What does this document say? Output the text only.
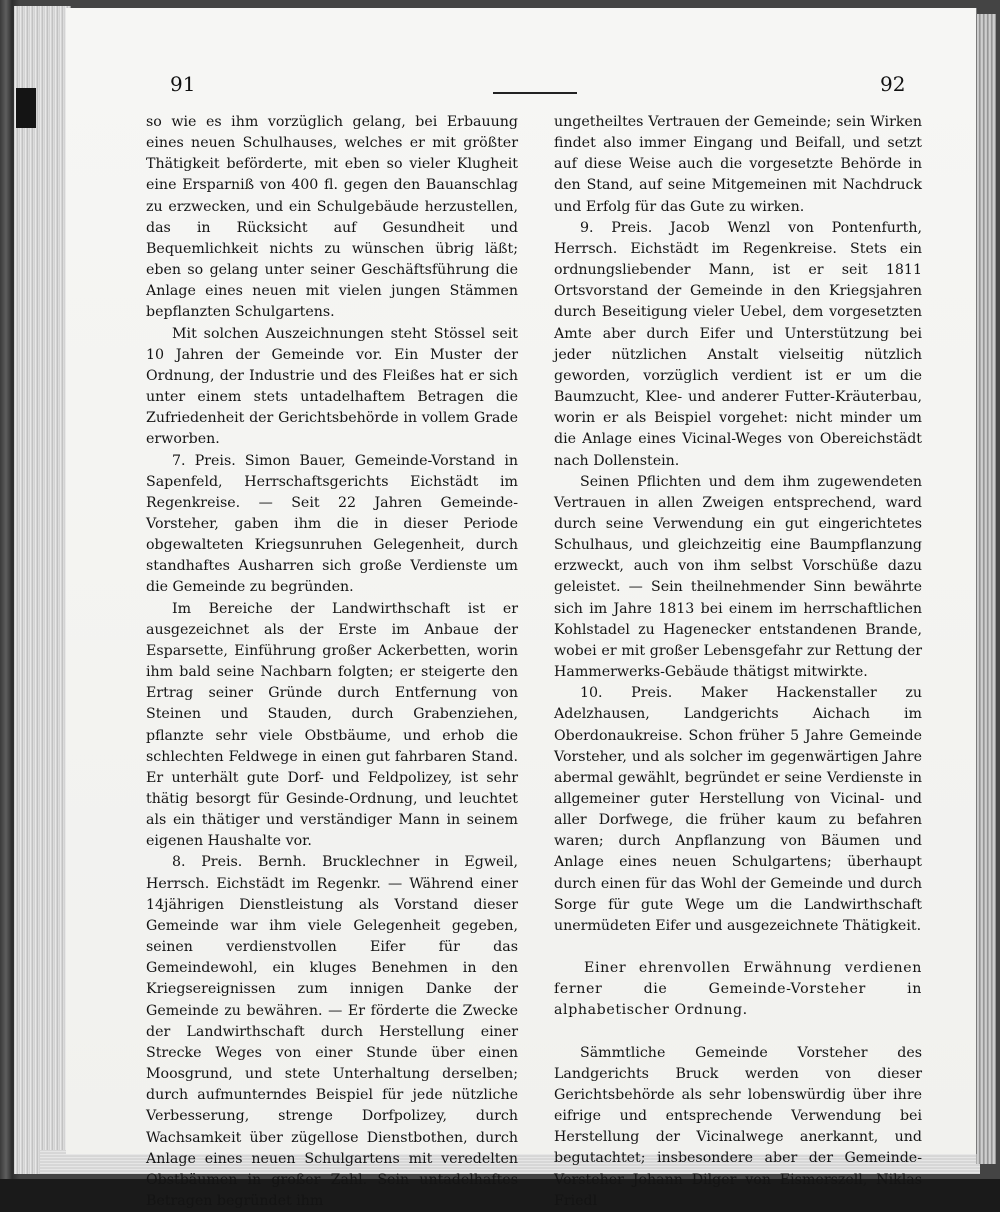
91	92

so wie es ihm vorzüglich gelang, bei Erbauung eines neuen Schulhauses, welches er mit größter Thätigkeit beförderte, mit eben so vieler Klugheit eine Ersparniß von 400 fl. gegen den Bauanschlag zu erzwecken, und ein Schulgebäude herzustellen, das in Rücksicht auf Gesundheit und Bequemlichkeit nichts zu wünschen übrig läßt; eben so gelang unter seiner Geschäftsführung die Anlage eines neuen mit vielen jungen Stämmen bepflanzten Schulgartens.

Mit solchen Auszeichnungen steht Stössel seit 10 Jahren der Gemeinde vor. Ein Muster der Ordnung, der Industrie und des Fleißes hat er sich unter einem stets untadelhaftem Betragen die Zufriedenheit der Gerichtsbehörde in vollem Grade erworben.

7. Preis. Simon Bauer, Gemeinde-Vorstand in Sapenfeld, Herrschaftsgerichts Eichstädt im Regenkreise. — Seit 22 Jahren Gemeinde-Vorsteher, gaben ihm die in dieser Periode obgewalteten Kriegsunruhen Gelegenheit, durch standhaftes Ausharren sich große Verdienste um die Gemeinde zu begründen.

Im Bereiche der Landwirthschaft ist er ausgezeichnet als der Erste im Anbaue der Esparsette, Einführung großer Ackerbetten, worin ihm bald seine Nachbarn folgten; er steigerte den Ertrag seiner Gründe durch Entfernung von Steinen und Stauden, durch Grabenziehen, pflanzte sehr viele Obstbäume, und erhob die schlechten Feldwege in einen gut fahrbaren Stand. Er unterhält gute Dorf- und Feldpolizey, ist sehr thätig besorgt für Gesinde-Ordnung, und leuchtet als ein thätiger und verständiger Mann in seinem eigenen Haushalte vor.

8. Preis. Bernh. Brucklechner in Egweil, Herrsch. Eichstädt im Regenkr. — Während einer 14jährigen Dienstleistung als Vorstand dieser Gemeinde war ihm viele Gelegenheit gegeben, seinen verdienstvollen Eifer für das Gemeindewohl, ein kluges Benehmen in den Kriegsereignissen zum innigen Danke der Gemeinde zu bewähren. — Er förderte die Zwecke der Landwirthschaft durch Herstellung einer Strecke Weges von einer Stunde über einen Moosgrund, und stete Unterhaltung derselben; durch aufmunterndes Beispiel für jede nützliche Verbesserung, strenge Dorfpolizey, durch Wachsamkeit über zügellose Dienstbothen, durch Anlage eines neuen Schulgartens mit veredelten Obstbäumen in großer Zahl. Sein untadelhaftes Betragen begründet ihm

ungetheiltes Vertrauen der Gemeinde; sein Wirken findet also immer Eingang und Beifall, und setzt auf diese Weise auch die vorgesetzte Behörde in den Stand, auf seine Mitgemeinen mit Nachdruck und Erfolg für das Gute zu wirken.

9. Preis. Jacob Wenzl von Pontenfurth, Herrsch. Eichstädt im Regenkreise. Stets ein ordnungsliebender Mann, ist er seit 1811 Ortsvorstand der Gemeinde in den Kriegsjahren durch Beseitigung vieler Uebel, dem vorgesetzten Amte aber durch Eifer und Unterstützung bei jeder nützlichen Anstalt vielseitig nützlich geworden, vorzüglich verdient ist er um die Baumzucht, Klee- und anderer Futter-Kräuterbau, worin er als Beispiel vorgehet: nicht minder um die Anlage eines Vicinal-Weges von Obereichstädt nach Dollenstein.

Seinen Pflichten und dem ihm zugewendeten Vertrauen in allen Zweigen entsprechend, ward durch seine Verwendung ein gut eingerichtetes Schulhaus, und gleichzeitig eine Baumpflanzung erzweckt, auch von ihm selbst Vorschüße dazu geleistet. — Sein theilnehmender Sinn bewährte sich im Jahre 1813 bei einem im herrschaftlichen Kohlstadel zu Hagenecker entstandenen Brande, wobei er mit großer Lebensgefahr zur Rettung der Hammerwerks-Gebäude thätigst mitwirkte.

10. Preis. Maker Hackenstaller zu Adelzhausen, Landgerichts Aichach im Oberdonaukreise. Schon früher 5 Jahre Gemeinde Vorsteher, und als solcher im gegenwärtigen Jahre abermal gewählt, begründet er seine Verdienste in allgemeiner guter Herstellung von Vicinal- und aller Dorfwege, die früher kaum zu befahren waren; durch Anpflanzung von Bäumen und Anlage eines neuen Schulgartens; überhaupt durch einen für das Wohl der Gemeinde und durch Sorge für gute Wege um die Landwirthschaft unermüdeten Eifer und ausgezeichnete Thätigkeit.

Einer ehrenvollen Erwähnung verdienen ferner die Gemeinde-Vorsteher in alphabetischer Ordnung.

Sämmtliche Gemeinde Vorsteher des Landgerichts Bruck werden von dieser Gerichtsbehörde als sehr lobenswürdig über ihre eifrige und entsprechende Verwendung bei Herstellung der Vicinalwege anerkannt, und begutachtet; insbesondere aber der Gemeinde-Vorsteher Johann Dilger von Eismerszell, Niklas Friedl
